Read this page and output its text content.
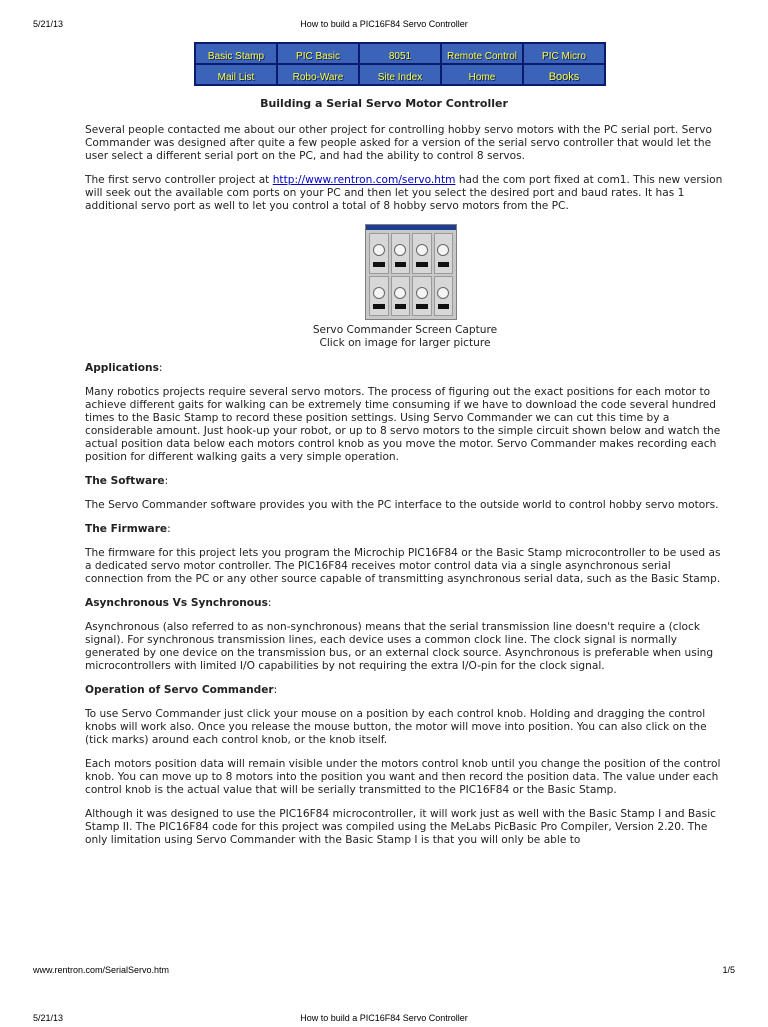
5/21/13	How to build a PIC16F84 Servo Controller
Basic Stamp	PIC Basic	8051	Remote Control	PIC Micro
Mail List	Robo-Ware	Site Index	Home	Books
Building a Serial Servo Motor Controller

Several people contacted me about our other project for controlling hobby servo motors with the PC serial port. Servo Commander was designed after quite a few people asked for a version of the serial servo controller that would let the user select a different serial port on the PC, and had the ability to control 8 servos.

The first servo controller project at http://www.rentron.com/servo.htm had the com port fixed at com1. This new version will seek out the available com ports on your PC and then let you select the desired port and baud rates. It has 1 additional servo port as well to let you control a total of 8 hobby servo motors from the PC.

Servo Commander Screen Capture
Click on image for larger picture
Applications:

Many robotics projects require several servo motors. The process of figuring out the exact positions for each motor to achieve different gaits for walking can be extremely time consuming if we have to download the code several hundred times to the Basic Stamp to record these position settings. Using Servo Commander we can cut this time by a considerable amount. Just hook-up your robot, or up to 8 servo motors to the simple circuit shown below and watch the actual position data below each motors control knob as you move the motor. Servo Commander makes recording each position for different walking gaits a very simple operation.

The Software:

The Servo Commander software provides you with the PC interface to the outside world to control hobby servo motors.

The Firmware:

The firmware for this project lets you program the Microchip PIC16F84 or the Basic Stamp microcontroller to be used as a dedicated servo motor controller. The PIC16F84 receives motor control data via a single asynchronous serial connection from the PC or any other source capable of transmitting asynchronous serial data, such as the Basic Stamp.

Asynchronous Vs Synchronous:

Asynchronous (also referred to as non-synchronous) means that the serial transmission line doesn't require a (clock signal). For synchronous transmission lines, each device uses a common clock line. The clock signal is normally generated by one device on the transmission bus, or an external clock source. Asynchronous is preferable when using microcontrollers with limited I/O capabilities by not requiring the extra I/O-pin for the clock signal.

Operation of Servo Commander:

To use Servo Commander just click your mouse on a position by each control knob. Holding and dragging the control knobs will work also. Once you release the mouse button, the motor will move into position. You can also click on the (tick marks) around each control knob, or the knob itself.

Each motors position data will remain visible under the motors control knob until you change the position of the control knob. You can move up to 8 motors into the position you want and then record the position data. The value under each control knob is the actual value that will be serially transmitted to the PIC16F84 or the Basic Stamp.

Although it was designed to use the PIC16F84 microcontroller, it will work just as well with the Basic Stamp I and Basic Stamp II. The PIC16F84 code for this project was compiled using the MeLabs PicBasic Pro Compiler, Version 2.20. The only limitation using Servo Commander with the Basic Stamp I is that you will only be able to

www.rentron.com/SerialServo.htm	1/5
5/21/13	How to build a PIC16F84 Servo Controller
